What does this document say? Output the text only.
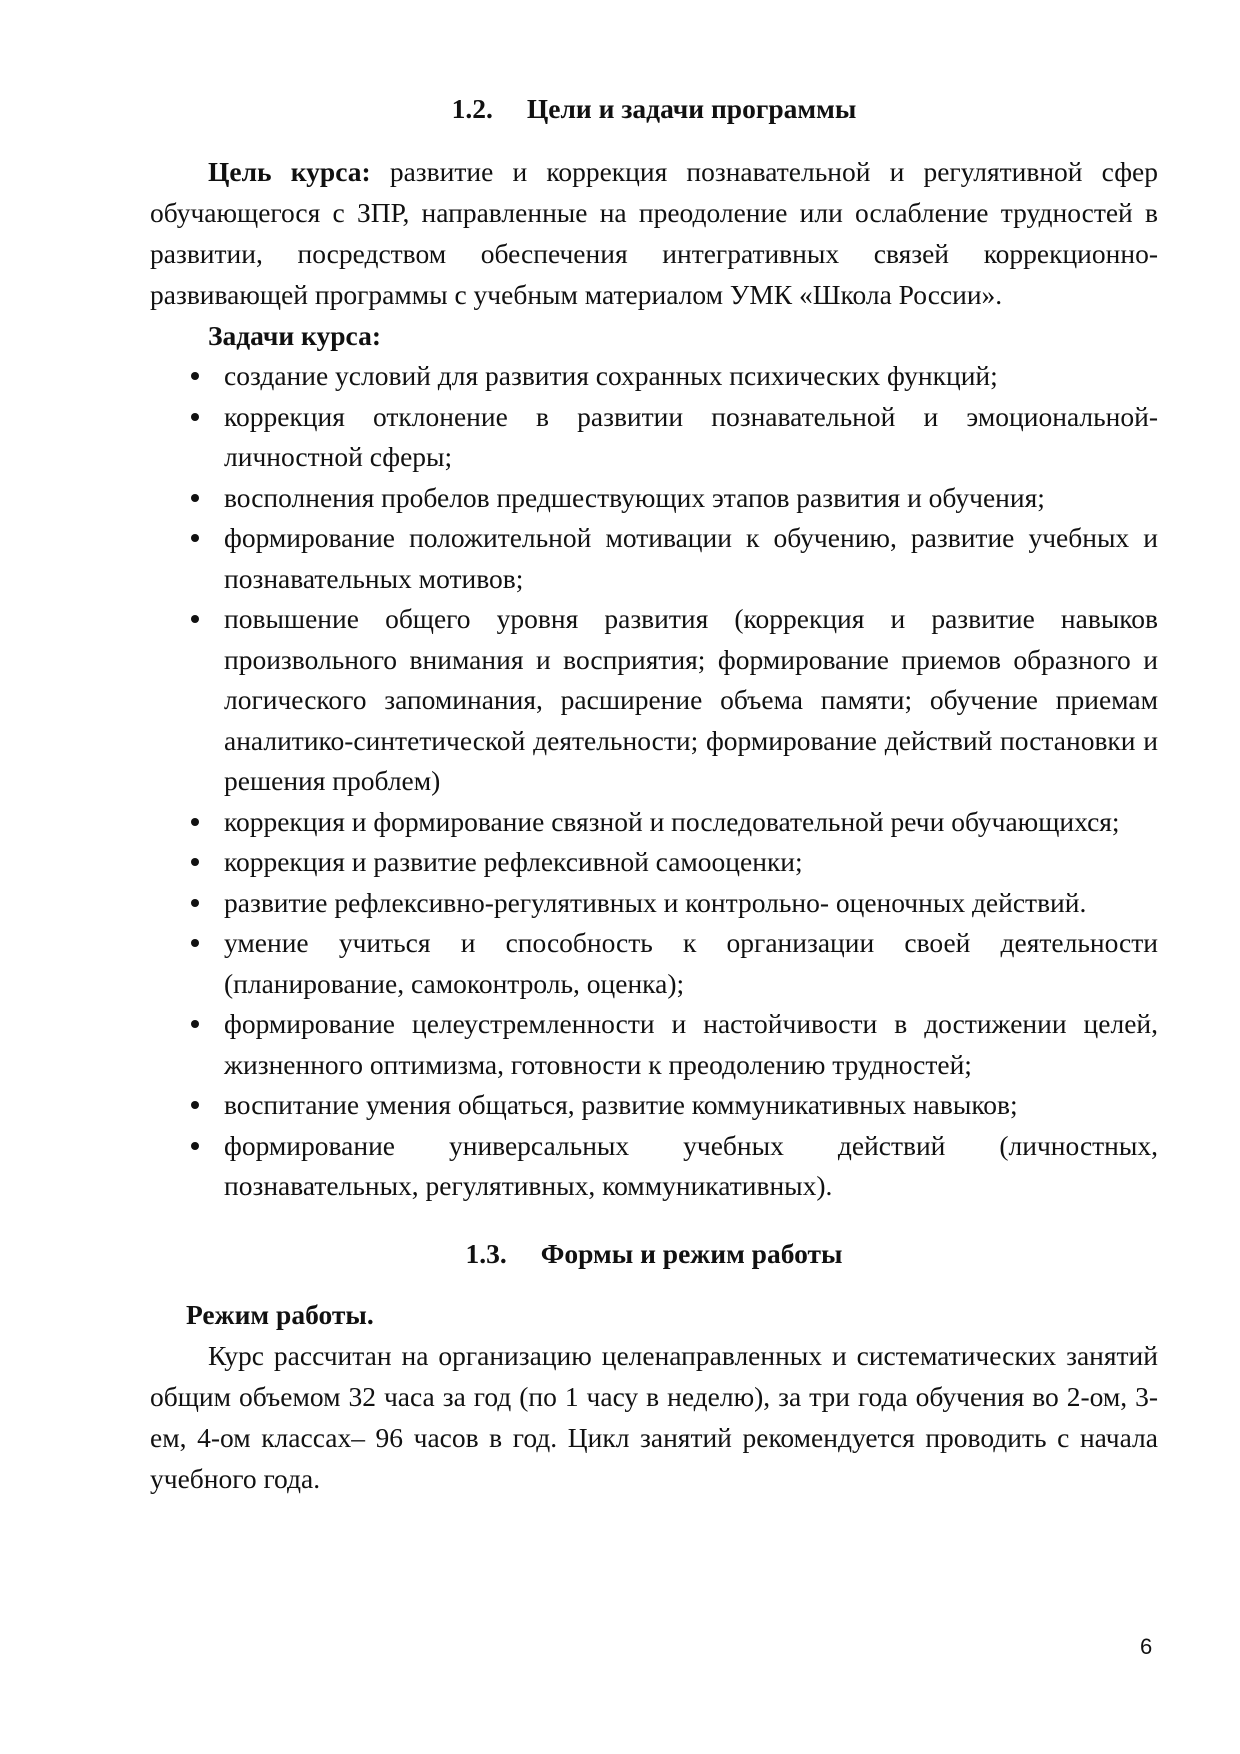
1.2. Цели и задачи программы

Цель курса: развитие и коррекция познавательной и регулятивной сфер обучающегося с ЗПР, направленные на преодоление или ослабление трудностей в развитии, посредством обеспечения интегративных связей коррекционно-развивающей программы с учебным материалом УМК «Школа России».

Задачи курса:

создание условий для развития сохранных психических функций;
коррекция отклонение в развитии познавательной и эмоциональной-личностной сферы;
восполнения пробелов предшествующих этапов развития и обучения;
формирование положительной мотивации к обучению, развитие учебных и познавательных мотивов;
повышение общего уровня развития (коррекция и развитие навыков произвольного внимания и восприятия; формирование приемов образного и логического запоминания, расширение объема памяти; обучение приемам аналитико-синтетической деятельности; формирование действий постановки и решения проблем)
коррекция и формирование связной и последовательной речи обучающихся;
коррекция и развитие рефлексивной самооценки;
развитие рефлексивно-регулятивных и контрольно- оценочных действий.
умение учиться и способность к организации своей деятельности (планирование, самоконтроль, оценка);
формирование целеустремленности и настойчивости в достижении целей, жизненного оптимизма, готовности к преодолению трудностей;
воспитание умения общаться, развитие коммуникативных навыков;
формирование универсальных учебных действий (личностных, познавательных, регулятивных, коммуникативных).
1.3. Формы и режим работы

Режим работы.

Курс рассчитан на организацию целенаправленных и систематических занятий общим объемом 32 часа за год (по 1 часу в неделю), за три года обучения во 2-ом, 3-ем, 4-ом классах– 96 часов в год. Цикл занятий рекомендуется проводить с начала учебного года.

6
